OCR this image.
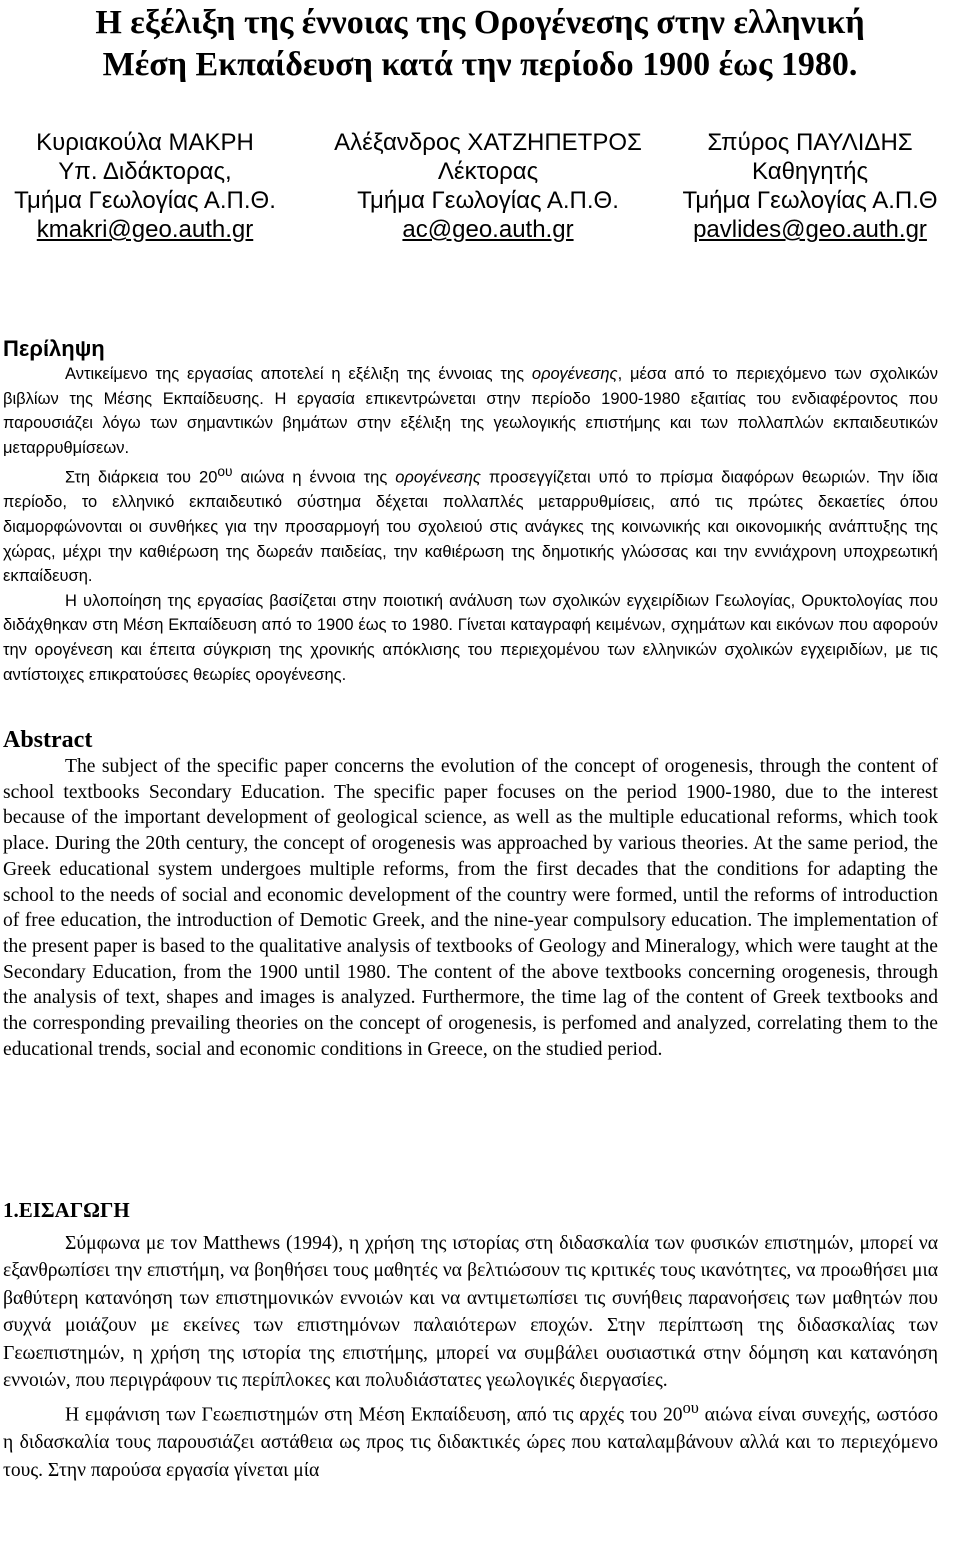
Η εξέλιξη της έννοιας της Ορογένεσης στην ελληνική
Μέση Εκπαίδευση κατά την περίοδο 1900 έως 1980.
Κυριακούλα ΜΑΚΡΗ
Υπ. Διδάκτορας,
Τμήμα Γεωλογίας Α.Π.Θ.
kmakri@geo.auth.gr
Αλέξανδρος ΧΑΤΖΗΠΕΤΡΟΣ
Λέκτορας
Τμήμα Γεωλογίας Α.Π.Θ.
ac@geo.auth.gr
Σπύρος ΠΑΥΛΙΔΗΣ
Καθηγητής
Τμήμα Γεωλογίας Α.Π.Θ
pavlides@geo.auth.gr
Περίληψη

Αντικείμενο της εργασίας αποτελεί η εξέλιξη της έννοιας της ορογένεσης, μέσα από το περιεχόμενο των σχολικών βιβλίων της Μέσης Εκπαίδευσης. Η εργασία επικεντρώνεται στην περίοδο 1900-1980 εξαιτίας του ενδιαφέροντος που παρουσιάζει λόγω των σημαντικών βημάτων στην εξέλιξη της γεωλογικής επιστήμης και των πολλαπλών εκπαιδευτικών μεταρρυθμίσεων.

Στη διάρκεια του $20^{o\upsilon}$ αιώνα η έννοια της ορογένεσης προσεγγίζεται υπό το πρίσμα διαφόρων θεωριών. Την ίδια περίοδο, το ελληνικό εκπαιδευτικό σύστημα δέχεται πολλαπλές μεταρρυθμίσεις, από τις πρώτες δεκαετίες όπου διαμορφώνονται οι συνθήκες για την προσαρμογή του σχολειού στις ανάγκες της κοινωνικής και οικονομικής ανάπτυξης της χώρας, μέχρι την καθιέρωση της δωρεάν παιδείας, την καθιέρωση της δημοτικής γλώσσας και την εννιάχρονη υποχρεωτική εκπαίδευση.

Η υλοποίηση της εργασίας βασίζεται στην ποιοτική ανάλυση των σχολικών εγχειρίδιων Γεωλογίας, Ορυκτολογίας που διδάχθηκαν στη Μέση Εκπαίδευση από το 1900 έως το 1980. Γίνεται καταγραφή κειμένων, σχημάτων και εικόνων που αφορούν την ορογένεση και έπειτα σύγκριση της χρονικής απόκλισης του περιεχομένου των ελληνικών σχολικών εγχειριδίων, με τις αντίστοιχες επικρατούσες θεωρίες ορογένεσης.

Abstract

The subject of the specific paper concerns the evolution of the concept of orogenesis, through the content of school textbooks Secondary Education. The specific paper focuses on the period 1900-1980, due to the interest because of the important development of geological science, as well as the multiple educational reforms, which took place. During the 20th century, the concept of orogenesis was approached by various theories. At the same period, the Greek educational system undergoes multiple reforms, from the first decades that the conditions for adapting the school to the needs of social and economic development of the country were formed, until the reforms of introduction of free education, the introduction of Demotic Greek, and the nine-year compulsory education. The implementation of the present paper is based to the qualitative analysis of textbooks of Geology and Mineralogy, which were taught at the Secondary Education, from the 1900 until 1980. The content of the above textbooks concerning orogenesis, through the analysis of text, shapes and images is analyzed. Furthermore, the time lag of the content of Greek textbooks and the corresponding prevailing theories on the concept of orogenesis, is perfomed and analyzed, correlating them to the educational trends, social and economic conditions in Greece, on the studied period.

1.ΕΙΣΑΓΩΓΗ

Σύμφωνα με τον Matthews (1994), η χρήση της ιστορίας στη διδασκαλία των φυσικών επιστημών, μπορεί να εξανθρωπίσει την επιστήμη, να βοηθήσει τους μαθητές να βελτιώσουν τις κριτικές τους ικανότητες, να προωθήσει μια βαθύτερη κατανόηση των επιστημονικών εννοιών και να αντιμετωπίσει τις συνήθεις παρανοήσεις των μαθητών που συχνά μοιάζουν με εκείνες των επιστημόνων παλαιότερων εποχών. Στην περίπτωση της διδασκαλίας των Γεωεπιστημών, η χρήση της ιστορία της επιστήμης, μπορεί να συμβάλει ουσιαστικά στην δόμηση και κατανόηση εννοιών, που περιγράφουν τις περίπλοκες και πολυδιάστατες γεωλογικές διεργασίες.

Η εμφάνιση των Γεωεπιστημών στη Μέση Εκπαίδευση, από τις αρχές του $20^{o\upsilon}$ αιώνα είναι συνεχής, ωστόσο η διδασκαλία τους παρουσιάζει αστάθεια ως προς τις διδακτικές ώρες που καταλαμβάνουν αλλά και το περιεχόμενο τους. Στην παρούσα εργασία γίνεται μία
